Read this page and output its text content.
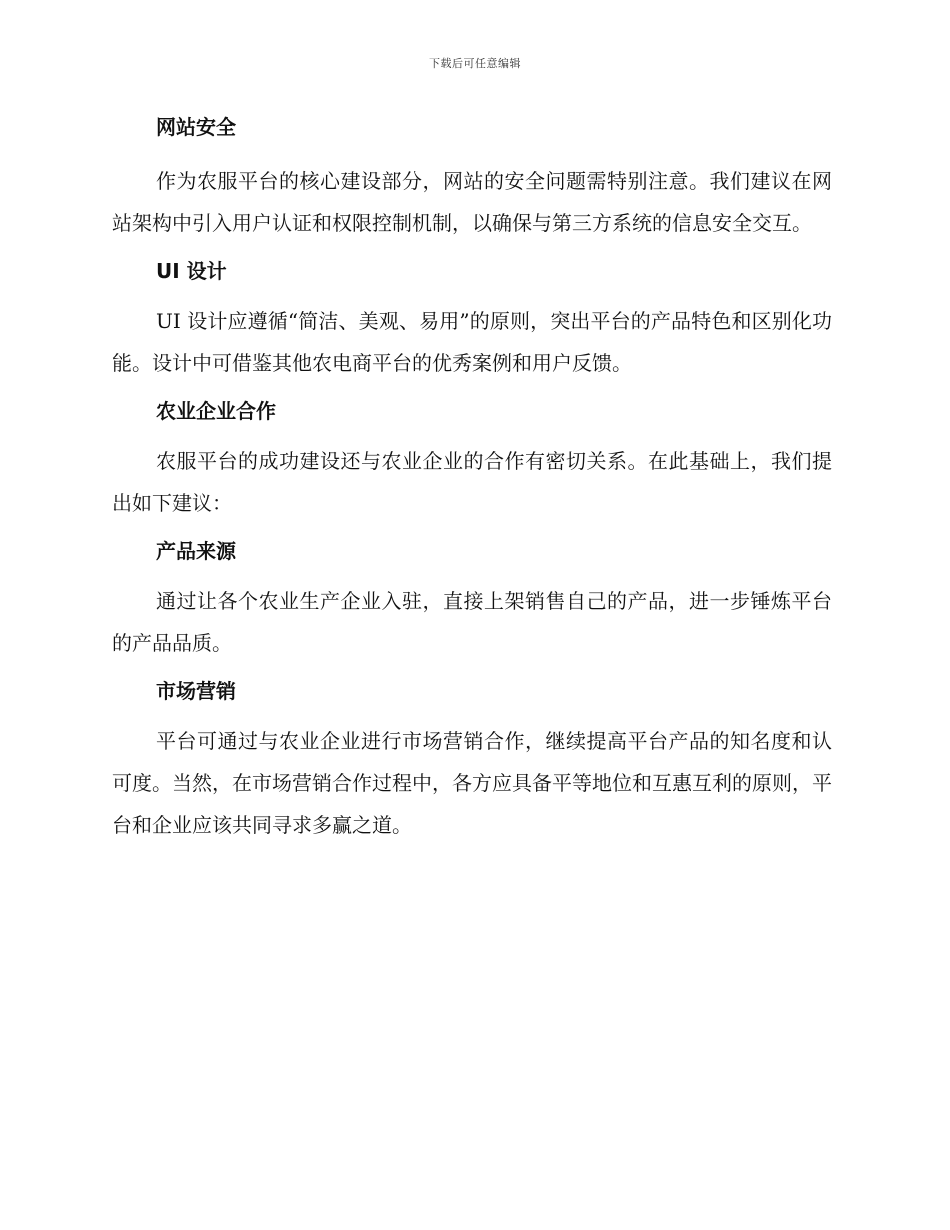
下载后可任意编辑
网站安全

作为农服平台的核心建设部分，网站的安全问题需特别注意。我们建议在网站架构中引入用户认证和权限控制机制，以确保与第三方系统的信息安全交互。

UI 设计

UI 设计应遵循“简洁、美观、易用”的原则，突出平台的产品特色和区别化功能。设计中可借鉴其他农电商平台的优秀案例和用户反馈。

农业企业合作

农服平台的成功建设还与农业企业的合作有密切关系。在此基础上，我们提出如下建议：

产品来源

通过让各个农业生产企业入驻，直接上架销售自己的产品，进一步锤炼平台的产品品质。

市场营销

平台可通过与农业企业进行市场营销合作，继续提高平台产品的知名度和认可度。当然，在市场营销合作过程中，各方应具备平等地位和互惠互利的原则，平台和企业应该共同寻求多赢之道。
